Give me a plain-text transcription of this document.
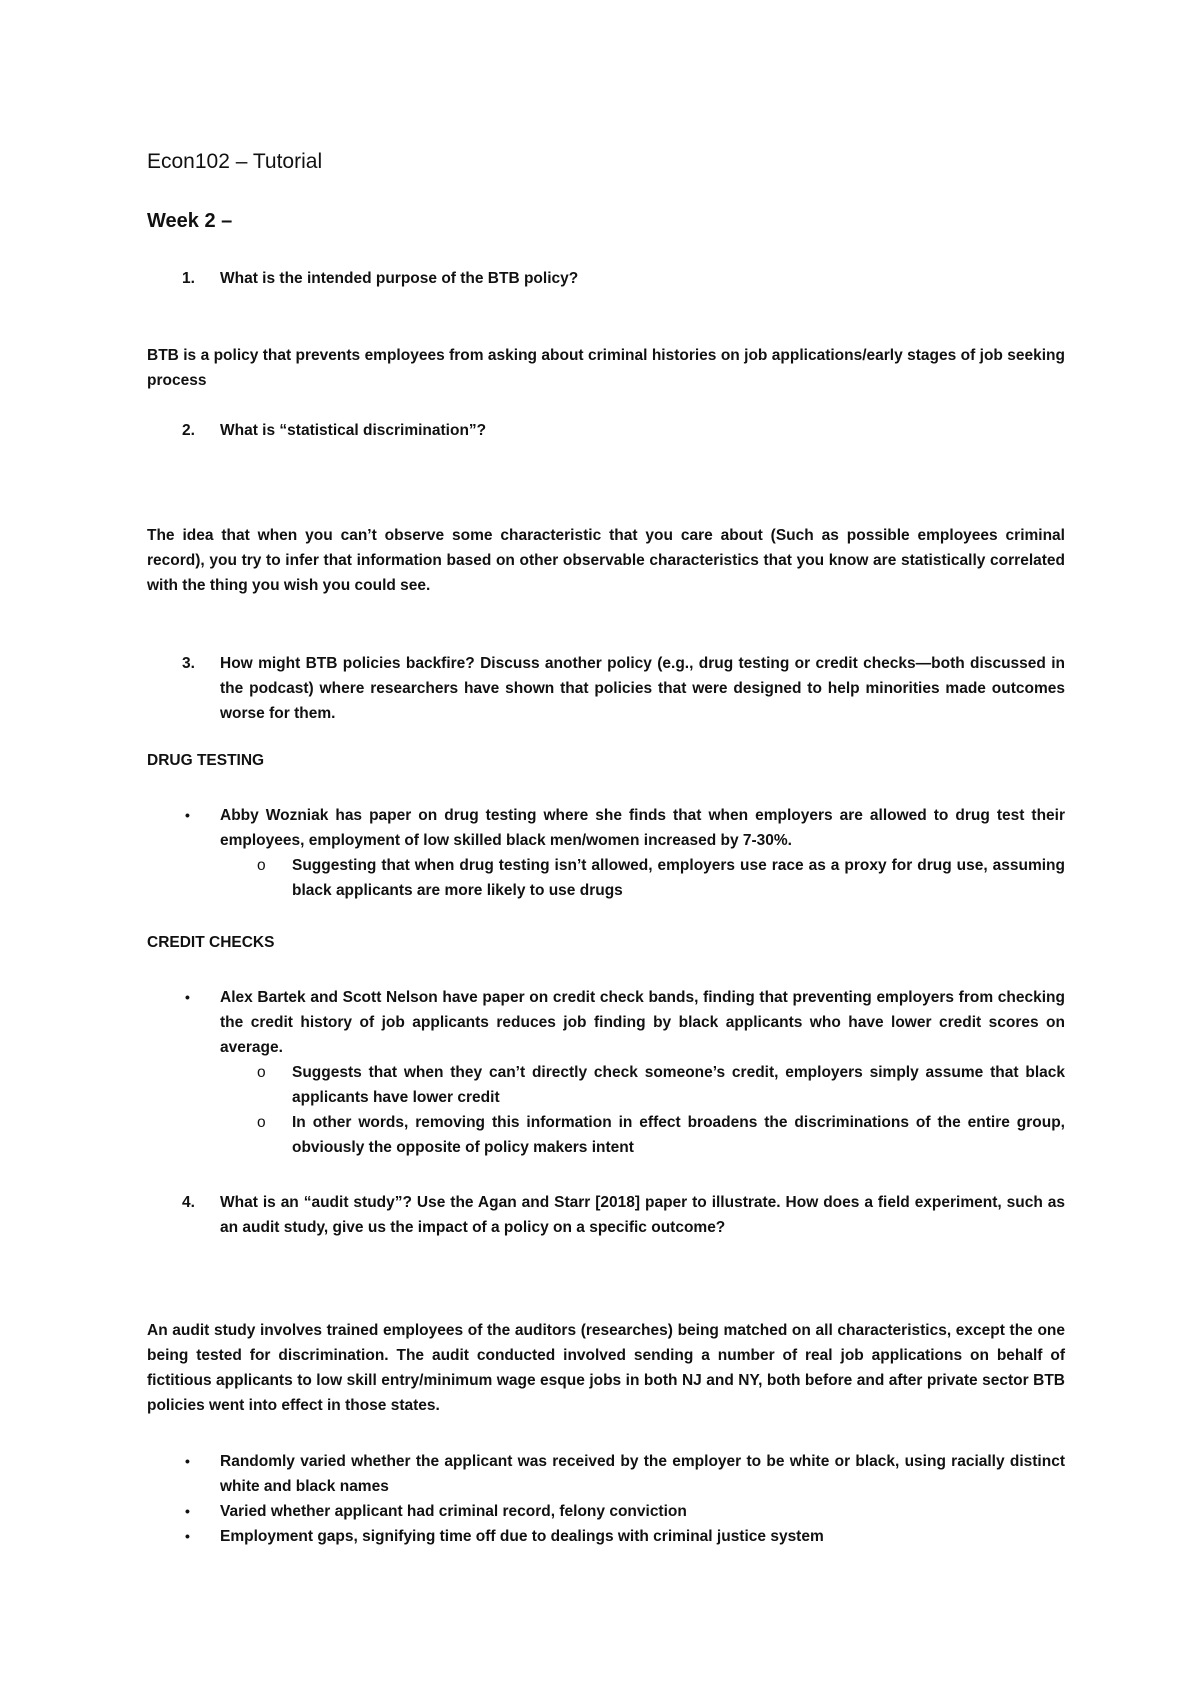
Econ102 – Tutorial
Week 2 –
1. What is the intended purpose of the BTB policy?
BTB is a policy that prevents employees from asking about criminal histories on job applications/early stages of job seeking process
2. What is “statistical discrimination”?
The idea that when you can’t observe some characteristic that you care about (Such as possible employees criminal record), you try to infer that information based on other observable characteristics that you know are statistically correlated with the thing you wish you could see.
3. How might BTB policies backfire? Discuss another policy (e.g., drug testing or credit checks—both discussed in the podcast) where researchers have shown that policies that were designed to help minorities made outcomes worse for them.
DRUG TESTING
• Abby Wozniak has paper on drug testing where she finds that when employers are allowed to drug test their employees, employment of low skilled black men/women increased by 7-30%.
o Suggesting that when drug testing isn’t allowed, employers use race as a proxy for drug use, assuming black applicants are more likely to use drugs
CREDIT CHECKS
• Alex Bartek and Scott Nelson have paper on credit check bands, finding that preventing employers from checking the credit history of job applicants reduces job finding by black applicants who have lower credit scores on average.
o Suggests that when they can’t directly check someone’s credit, employers simply assume that black applicants have lower credit
o In other words, removing this information in effect broadens the discriminations of the entire group, obviously the opposite of policy makers intent
4. What is an “audit study”? Use the Agan and Starr [2018] paper to illustrate. How does a field experiment, such as an audit study, give us the impact of a policy on a specific outcome?
An audit study involves trained employees of the auditors (researches) being matched on all characteristics, except the one being tested for discrimination. The audit conducted involved sending a number of real job applications on behalf of fictitious applicants to low skill entry/minimum wage esque jobs in both NJ and NY, both before and after private sector BTB policies went into effect in those states.
• Randomly varied whether the applicant was received by the employer to be white or black, using racially distinct white and black names
• Varied whether applicant had criminal record, felony conviction
• Employment gaps, signifying time off due to dealings with criminal justice system
